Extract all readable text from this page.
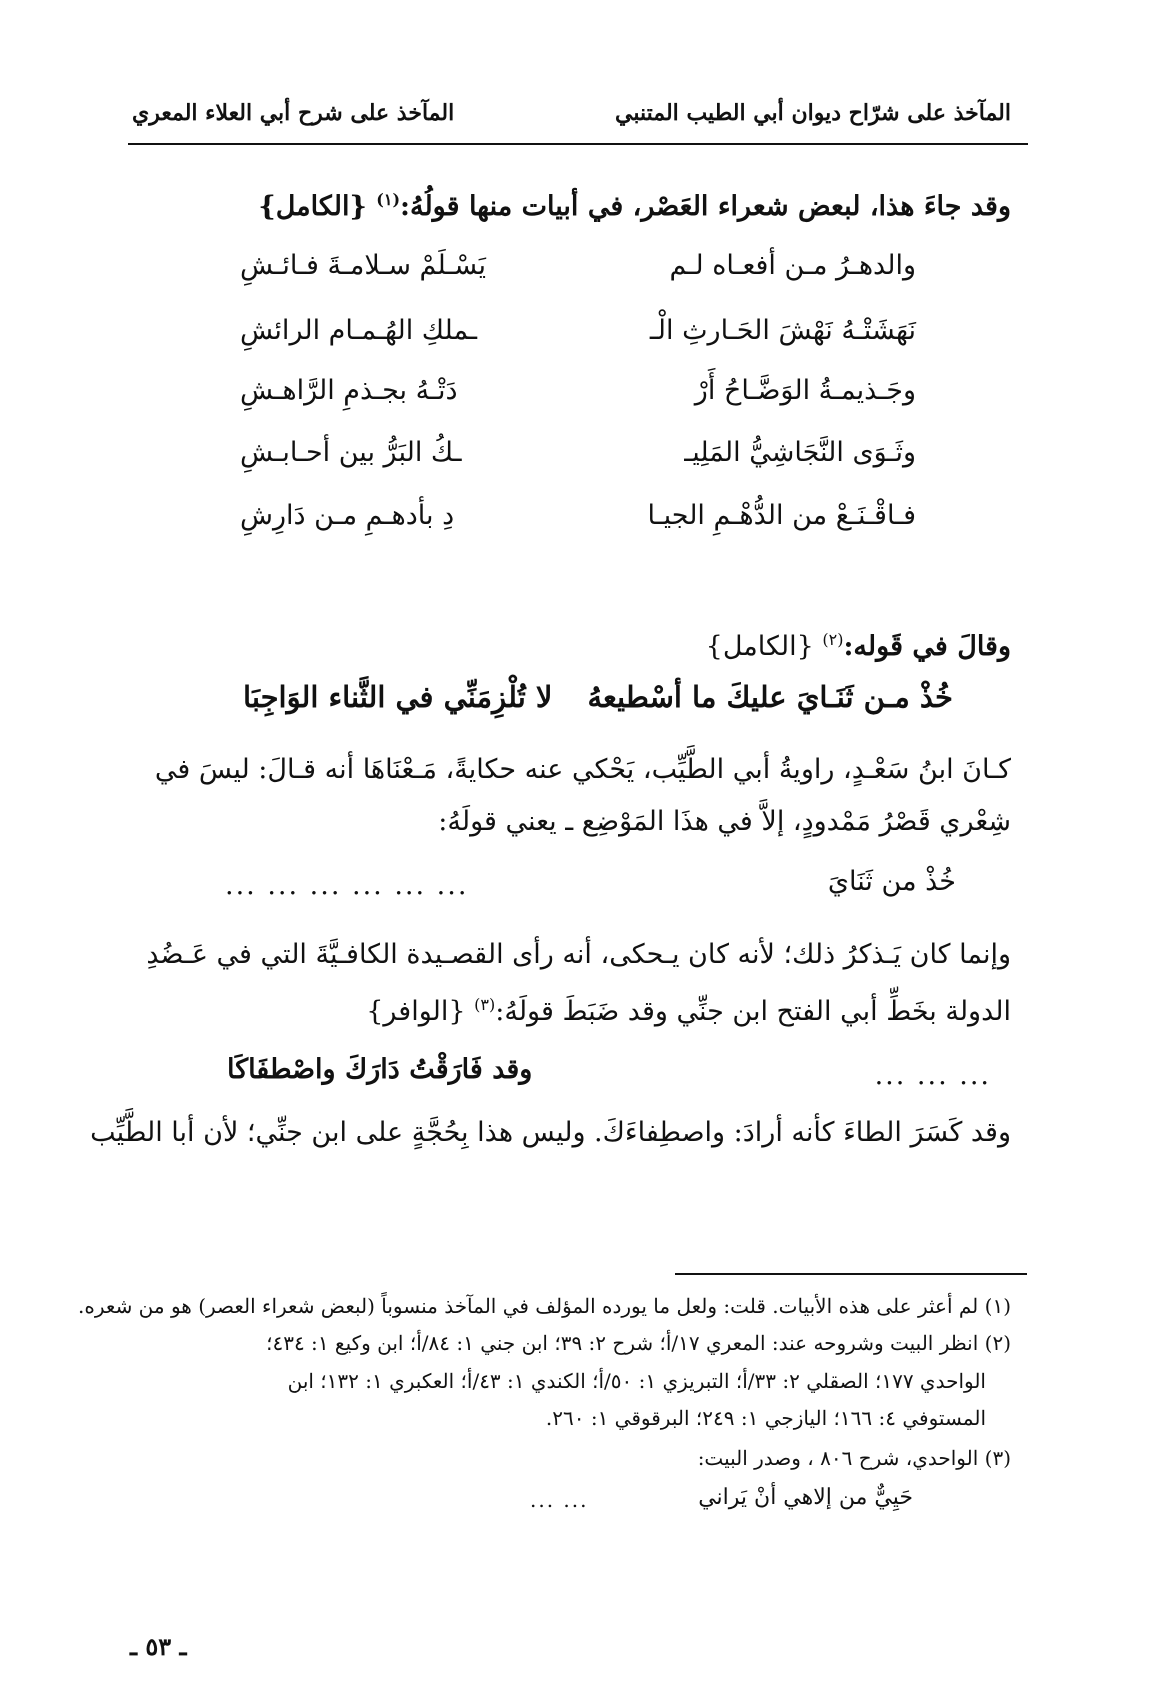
المآخذ على شرّاح ديوان أبي الطيب المتنبي
المآخذ على شرح أبي العلاء المعري
وقد جاءَ هذا، لبعض شعراء العَصْر، في أبيات منها قولُهُ:$^{(١)}$ {الكامل}
والدهـرُ مـن أفعـاه لـم
يَسْـلَمْ سـلامـةَ فـائـشِ
نَهَشَتْـهُ نَهْشَ الحَـارثِ الْـ
ـملكِ الهُـمـام الرائشِ
وجَـذيمـةُ الوَضَّـاحُ أَرْ
دَتْـهُ بجـذمِ الرَّاهـشِ
وثَـوَى النَّجَاشِيُّ المَلِيـ
ـكُ البَرُّ بين أحـابـشِ
فـاقْـنَـعْ من الدُّهْـمِ الجيـا
دِ بأدهـمِ مـن دَارِشِ
وقالَ في قَوله:$^{(٢)}$ {الكامل}
خُذْ مـن ثَنَـايَ عليكَ ما أسْطيعهُ
لا تُلْزِمَنِّي في الثَّناء الوَاجِبَا
كـانَ ابنُ سَعْـدٍ، راويةُ أبي الطَّيِّب، يَحْكي عنه حكايةً، مَـعْنَاهَا أنه قـالَ: ليسَ في
شِعْري قَصْرُ مَمْدودٍ، إلاَّ في هذَا المَوْضِع ـ يعني قولَهُ:
خُذْ من ثَنَايَ
... ... ... ... ... ...
وإنما كان يَـذكرُ ذلك؛ لأنه كان يـحكى، أنه رأى القصـيدة الكافـيَّةَ التي في عَـضُدِ
الدولة بخَطِّ أبي الفتح ابن جنِّي وقد ضَبَطَ قولَهُ:$^{(٣)}$ {الوافر}
... ... ...
وقد فَارَقْتُ دَارَكَ واصْطفَاكَا
وقد كَسَرَ الطاءَ كأنه أرادَ: واصطِفاءَكَ. وليس هذا بِحُجَّةٍ على ابن جنِّي؛ لأن أبا الطَّيِّب
(١) لم أعثر على هذه الأبيات. قلت: ولعل ما يورده المؤلف في المآخذ منسوباً (لبعض شعراء العصر) هو من شعره.
(٢) انظر البيت وشروحه عند: المعري ١٧/أ؛ شرح ٢: ٣٩؛ ابن جني ١: ٨٤/أ؛ ابن وكيع ١: ٤٣٤؛
الواحدي ١٧٧؛ الصقلي ٢: ٣٣/أ؛ التبريزي ١: ٥٠/أ؛ الكندي ١: ٤٣/أ؛ العكبري ١: ١٣٢؛ ابن
المستوفي ٤: ١٦٦؛ اليازجي ١: ٢٤٩؛ البرقوقي ١: ٢٦٠.
(٣) الواحدي، شرح ٨٠٦ ، وصدر البيت:
حَيِيٌّ من إلاهي أنْ يَراني
... ...
ـ ٥٣ ـ
